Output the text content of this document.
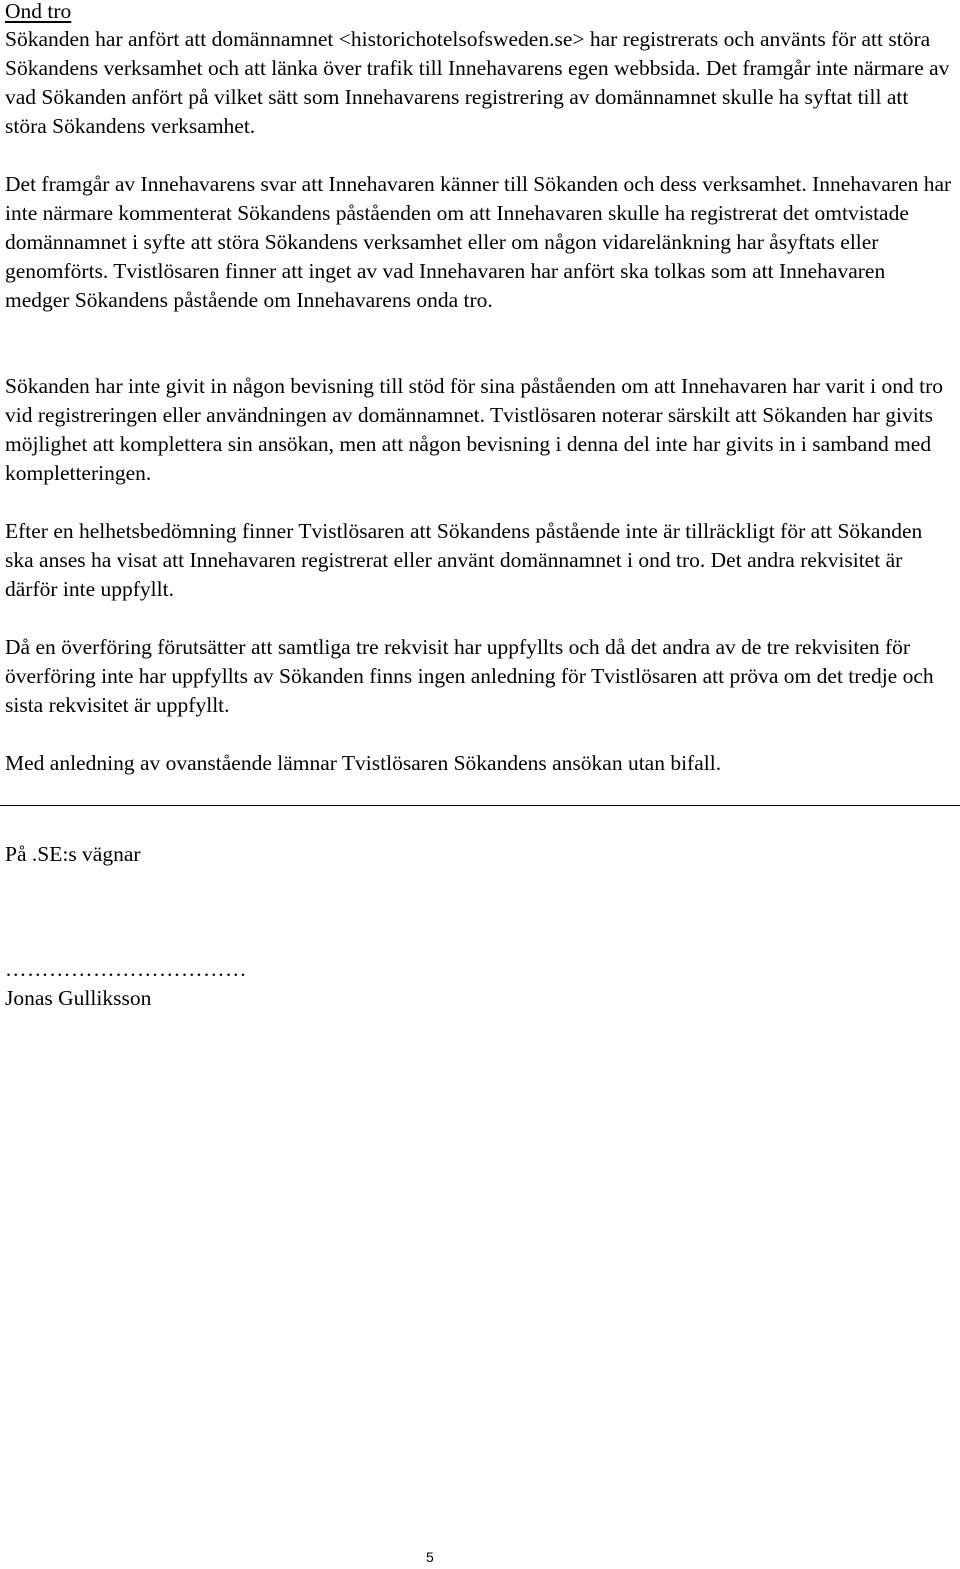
Ond tro

Sökanden har anfört att domännamnet <historichotelsofsweden.se> har registrerats och använts för att störa Sökandens verksamhet och att länka över trafik till Innehavarens egen webbsida. Det framgår inte närmare av vad Sökanden anfört på vilket sätt som Innehavarens registrering av domännamnet skulle ha syftat till att störa Sökandens verksamhet.

Det framgår av Innehavarens svar att Innehavaren känner till Sökanden och dess verksamhet. Innehavaren har inte närmare kommenterat Sökandens påståenden om att Innehavaren skulle ha registrerat det omtvistade domännamnet i syfte att störa Sökandens verksamhet eller om någon vidarelänkning har åsyftats eller genomförts. Tvistlösaren finner att inget av vad Innehavaren har anfört ska tolkas som att Innehavaren medger Sökandens påstående om Innehavarens onda tro.

Sökanden har inte givit in någon bevisning till stöd för sina påståenden om att Innehavaren har varit i ond tro vid registreringen eller användningen av domännamnet. Tvistlösaren noterar särskilt att Sökanden har givits möjlighet att komplettera sin ansökan, men att någon bevisning i denna del inte har givits in i samband med kompletteringen.

Efter en helhetsbedömning finner Tvistlösaren att Sökandens påstående inte är tillräckligt för att Sökanden ska anses ha visat att Innehavaren registrerat eller använt domännamnet i ond tro. Det andra rekvisitet är därför inte uppfyllt.

Då en överföring förutsätter att samtliga tre rekvisit har uppfyllts och då det andra av de tre rekvisiten för överföring inte har uppfyllts av Sökanden finns ingen anledning för Tvistlösaren att pröva om det tredje och sista rekvisitet är uppfyllt.

Med anledning av ovanstående lämnar Tvistlösaren Sökandens ansökan utan bifall.

På .SE:s vägnar

……………………………

Jonas Gulliksson

5
